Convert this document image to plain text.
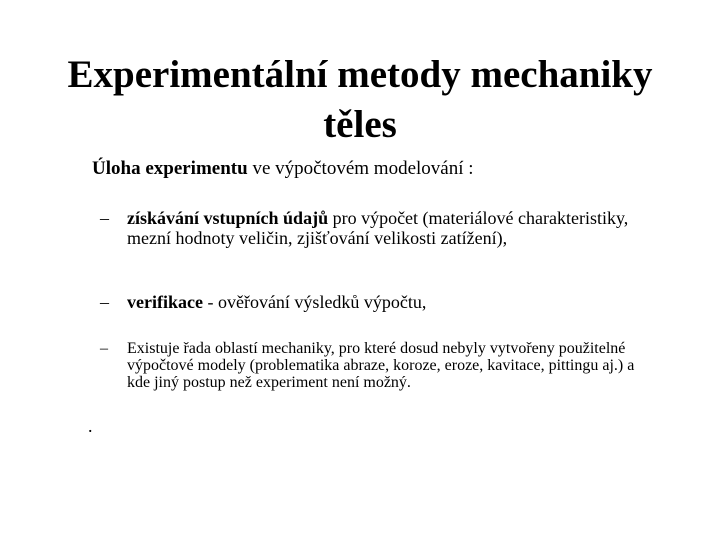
Experimentální metody mechaniky
těles
Úloha experimentu ve výpočtovém modelování :
– získávání vstupních údajů pro výpočet (materiálové charakteristiky, mezní hodnoty veličin, zjišťování velikosti zatížení),
– verifikace - ověřování výsledků výpočtu,
– Existuje řada oblastí mechaniky, pro které dosud nebyly vytvořeny použitelné výpočtové modely (problematika abraze, koroze, eroze, kavitace, pittingu aj.) a kde jiný postup než experiment není možný.
.
